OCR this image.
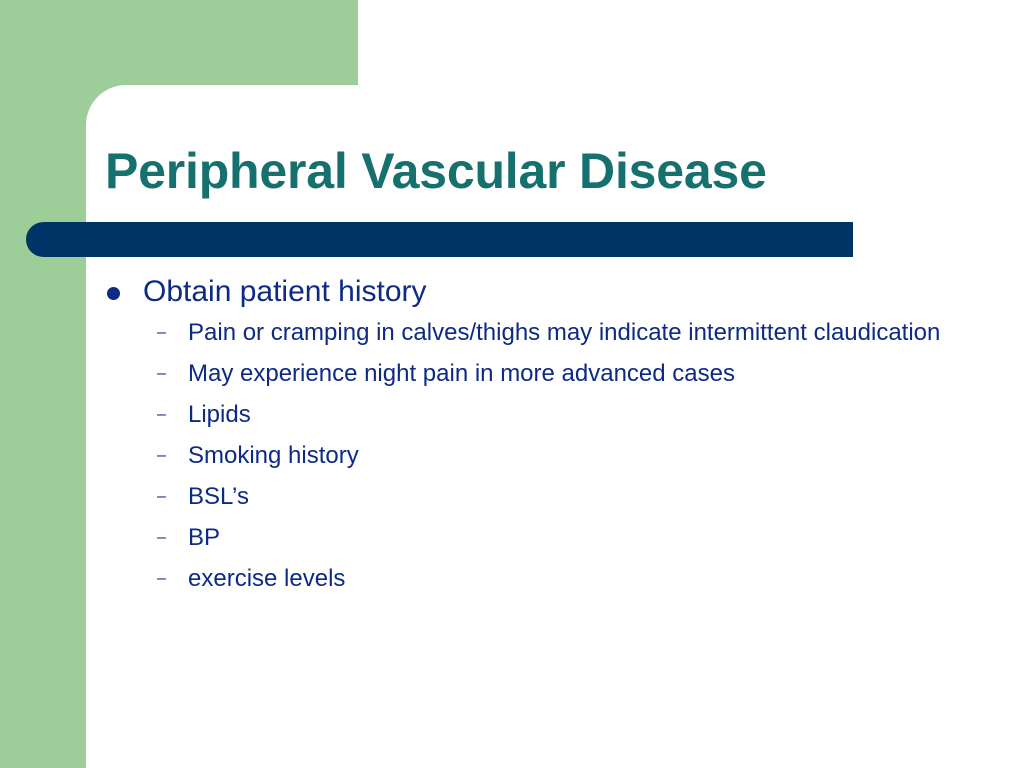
Peripheral Vascular Disease
Obtain patient history
– Pain or cramping in calves/thighs may indicate intermittent claudication
– May experience night pain in more advanced cases
– Lipids
– Smoking history
– BSL’s
– BP
– exercise levels
